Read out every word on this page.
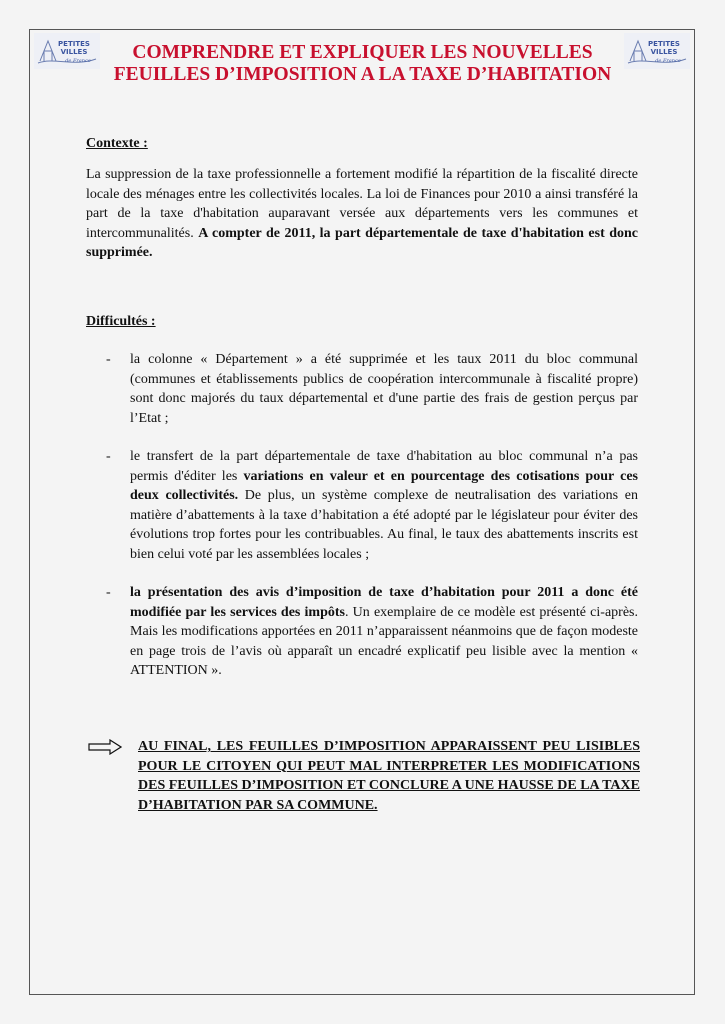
PETITES
VILLES
de France
PETITES
VILLES
de France
COMPRENDRE ET EXPLIQUER LES NOUVELLES
FEUILLES D’IMPOSITION A LA TAXE D’HABITATION
Contexte :

La suppression de la taxe professionnelle a fortement modifié la répartition de la fiscalité directe locale des ménages entre les collectivités locales. La loi de Finances pour 2010 a ainsi transféré la part de la taxe d'habitation auparavant versée aux départements vers les communes et intercommunalités. A compter de 2011, la part départementale de taxe d'habitation est donc supprimée.

Difficultés :
- la colonne « Département » a été supprimée et les taux 2011 du bloc communal (communes et établissements publics de coopération intercommunale à fiscalité propre) sont donc majorés du taux départemental et d'une partie des frais de gestion perçus par l’Etat ;
- le transfert de la part départementale de taxe d'habitation au bloc communal n’a pas permis d'éditer les variations en valeur et en pourcentage des cotisations pour ces deux collectivités. De plus, un système complexe de neutralisation des variations en matière d’abattements à la taxe d’habitation a été adopté par le législateur pour éviter des évolutions trop fortes pour les contribuables. Au final, le taux des abattements inscrits est bien celui voté par les assemblées locales ;
- la présentation des avis d’imposition de taxe d’habitation pour 2011 a donc été modifiée par les services des impôts. Un exemplaire de ce modèle est présenté ci-après. Mais les modifications apportées en 2011 n’apparaissent néanmoins que de façon modeste en page trois de l’avis où apparaît un encadré explicatif peu lisible avec la mention « ATTENTION ».
AU FINAL, LES FEUILLES D’IMPOSITION APPARAISSENT PEU LISIBLES POUR LE CITOYEN QUI PEUT MAL INTERPRETER LES MODIFICATIONS DES FEUILLES D’IMPOSITION ET CONCLURE A UNE HAUSSE DE LA TAXE D’HABITATION PAR SA COMMUNE.
